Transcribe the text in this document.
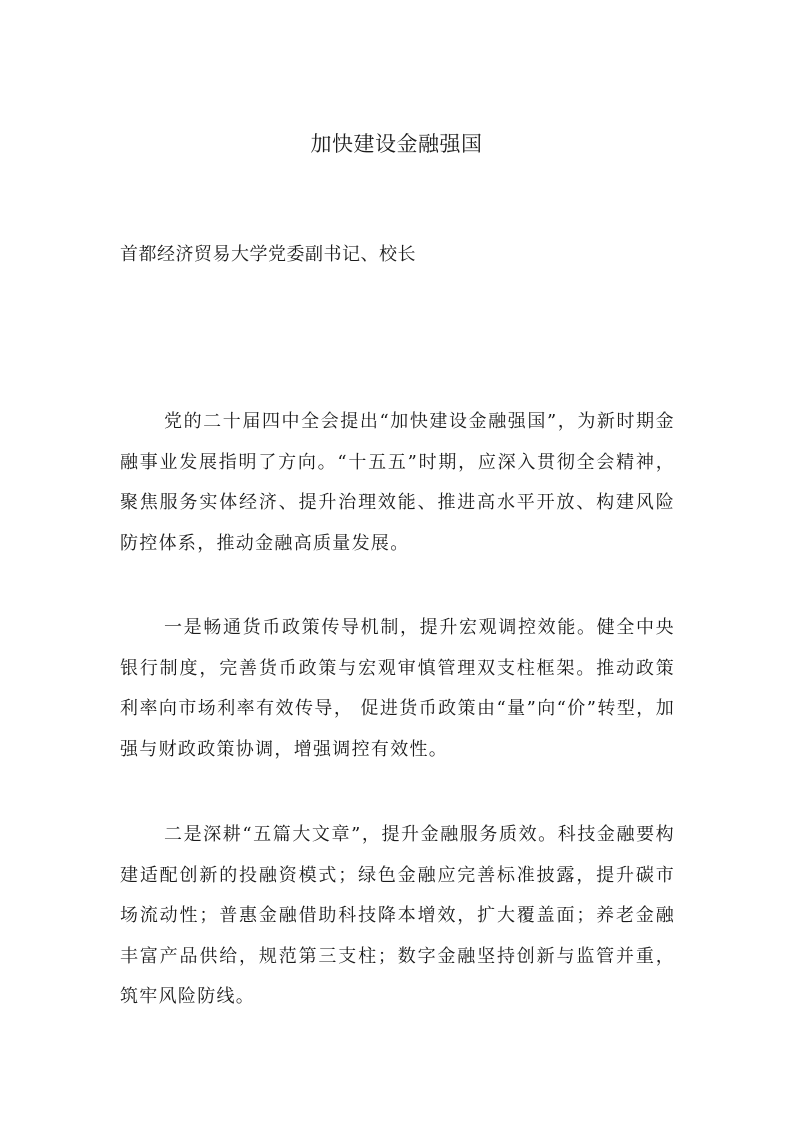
加快建设金融强国
首都经济贸易大学党委副书记、校长

党的二十届四中全会提出“加快建设金融强国”，为新时期金融事业发展指明了方向。“十五五”时期，应深入贯彻全会精神，聚焦服务实体经济、提升治理效能、推进高水平开放、构建风险防控体系，推动金融高质量发展。

一是畅通货币政策传导机制，提升宏观调控效能。健全中央银行制度，完善货币政策与宏观审慎管理双支柱框架。推动政策利率向市场利率有效传导， 促进货币政策由“量”向“价”转型，加强与财政政策协调，增强调控有效性。

二是深耕“五篇大文章”，提升金融服务质效。科技金融要构建适配创新的投融资模式；绿色金融应完善标准披露，提升碳市场流动性；普惠金融借助科技降本增效，扩大覆盖面；养老金融丰富产品供给，规范第三支柱；数字金融坚持创新与监管并重，筑牢风险防线。
